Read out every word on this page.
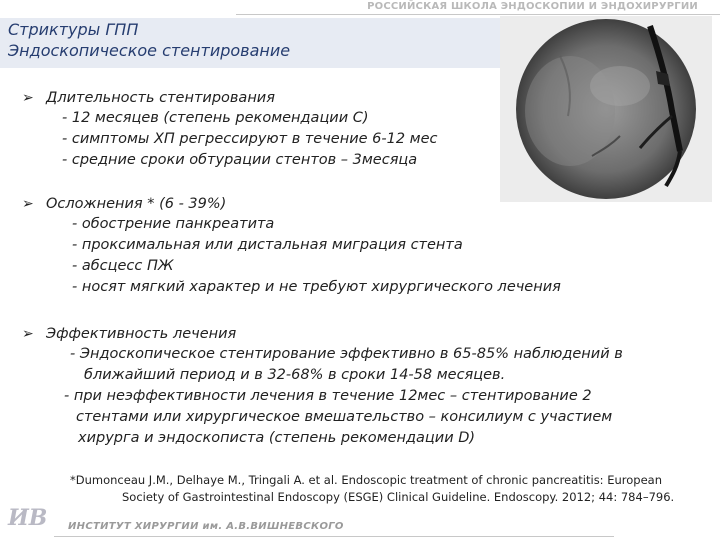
РОССИЙСКАЯ ШКОЛА ЭНДОСКОПИИ И ЭНДОХИРУРГИИ
Стриктуры ГПП
Эндоскопическое стентирование
➢ Длительность стентирования
- 12 месяцев (степень рекомендации С)
- симптомы ХП регрессируют в течение 6-12 мес
- средние сроки обтурации стентов – 3месяца
➢ Осложнения * (6 - 39%)
- обострение панкреатита
- проксимальная или дистальная миграция стента
- абсцесс ПЖ
- носят мягкий характер и не требуют хирургического лечения
➢ Эффективность лечения
- Эндоскопическое стентирование эффективно в 65-85% наблюдений в
ближайший период и в 32-68% в сроки 14-58 месяцев.
- при неэффективности лечения в течение 12мес – стентирование 2
стентами или хирургическое вмешательство – консилиум с участием
хирурга и эндоскописта (степень рекомендации D)
*Dumonceau J.M., Delhaye M., Tringali A. et al. Endoscopic treatment of chronic pancreatitis: European
Society of Gastrointestinal Endoscopy (ESGE) Clinical Guideline. Endoscopy. 2012; 44: 784–796.
ИВ ИНСТИТУТ ХИРУРГИИ им. А.В.ВИШНЕВСКОГО
